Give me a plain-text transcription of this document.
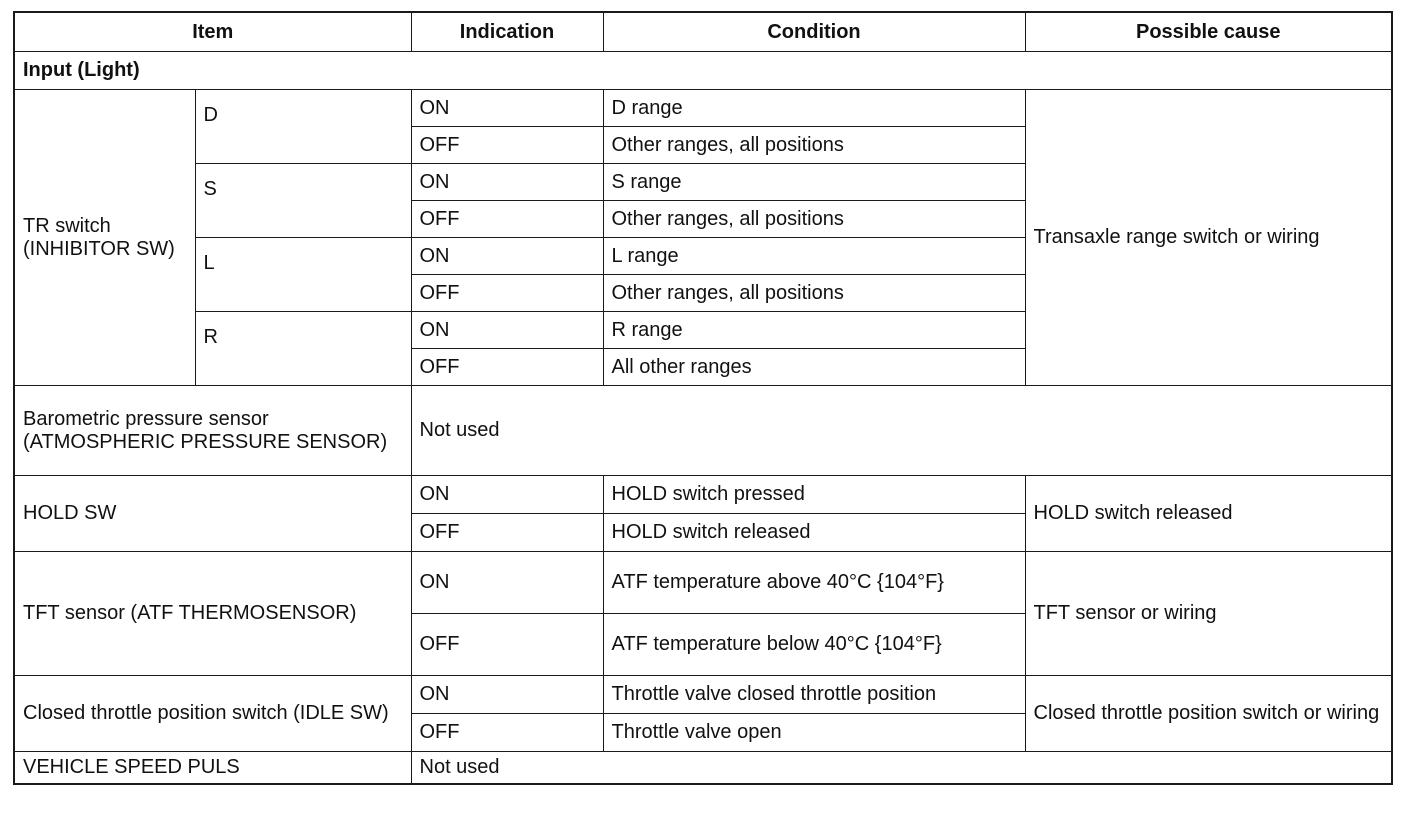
Item		Indication	Condition	Possible cause
Input (Light)				
TR switch (INHIBITOR SW)	D	ON	D range	Transaxle range switch or wiring
		OFF	Other ranges, all positions	
	S	ON	S range	
		OFF	Other ranges, all positions	
	L	ON	L range	
		OFF	Other ranges, all positions	
	R	ON	R range	
		OFF	All other ranges	
Barometric pressure sensor (ATMOSPHERIC PRESSURE SENSOR)		Not used		
HOLD SW		ON	HOLD switch pressed	HOLD switch released
		OFF	HOLD switch released	
TFT sensor (ATF THERMOSENSOR)		ON	ATF temperature above 40°C {104°F}	TFT sensor or wiring
		OFF	ATF temperature below 40°C {104°F}	
Closed throttle position switch (IDLE SW)		ON	Throttle valve closed throttle position	Closed throttle position switch or wiring
		OFF	Throttle valve open	
VEHICLE SPEED PULS		Not used		
